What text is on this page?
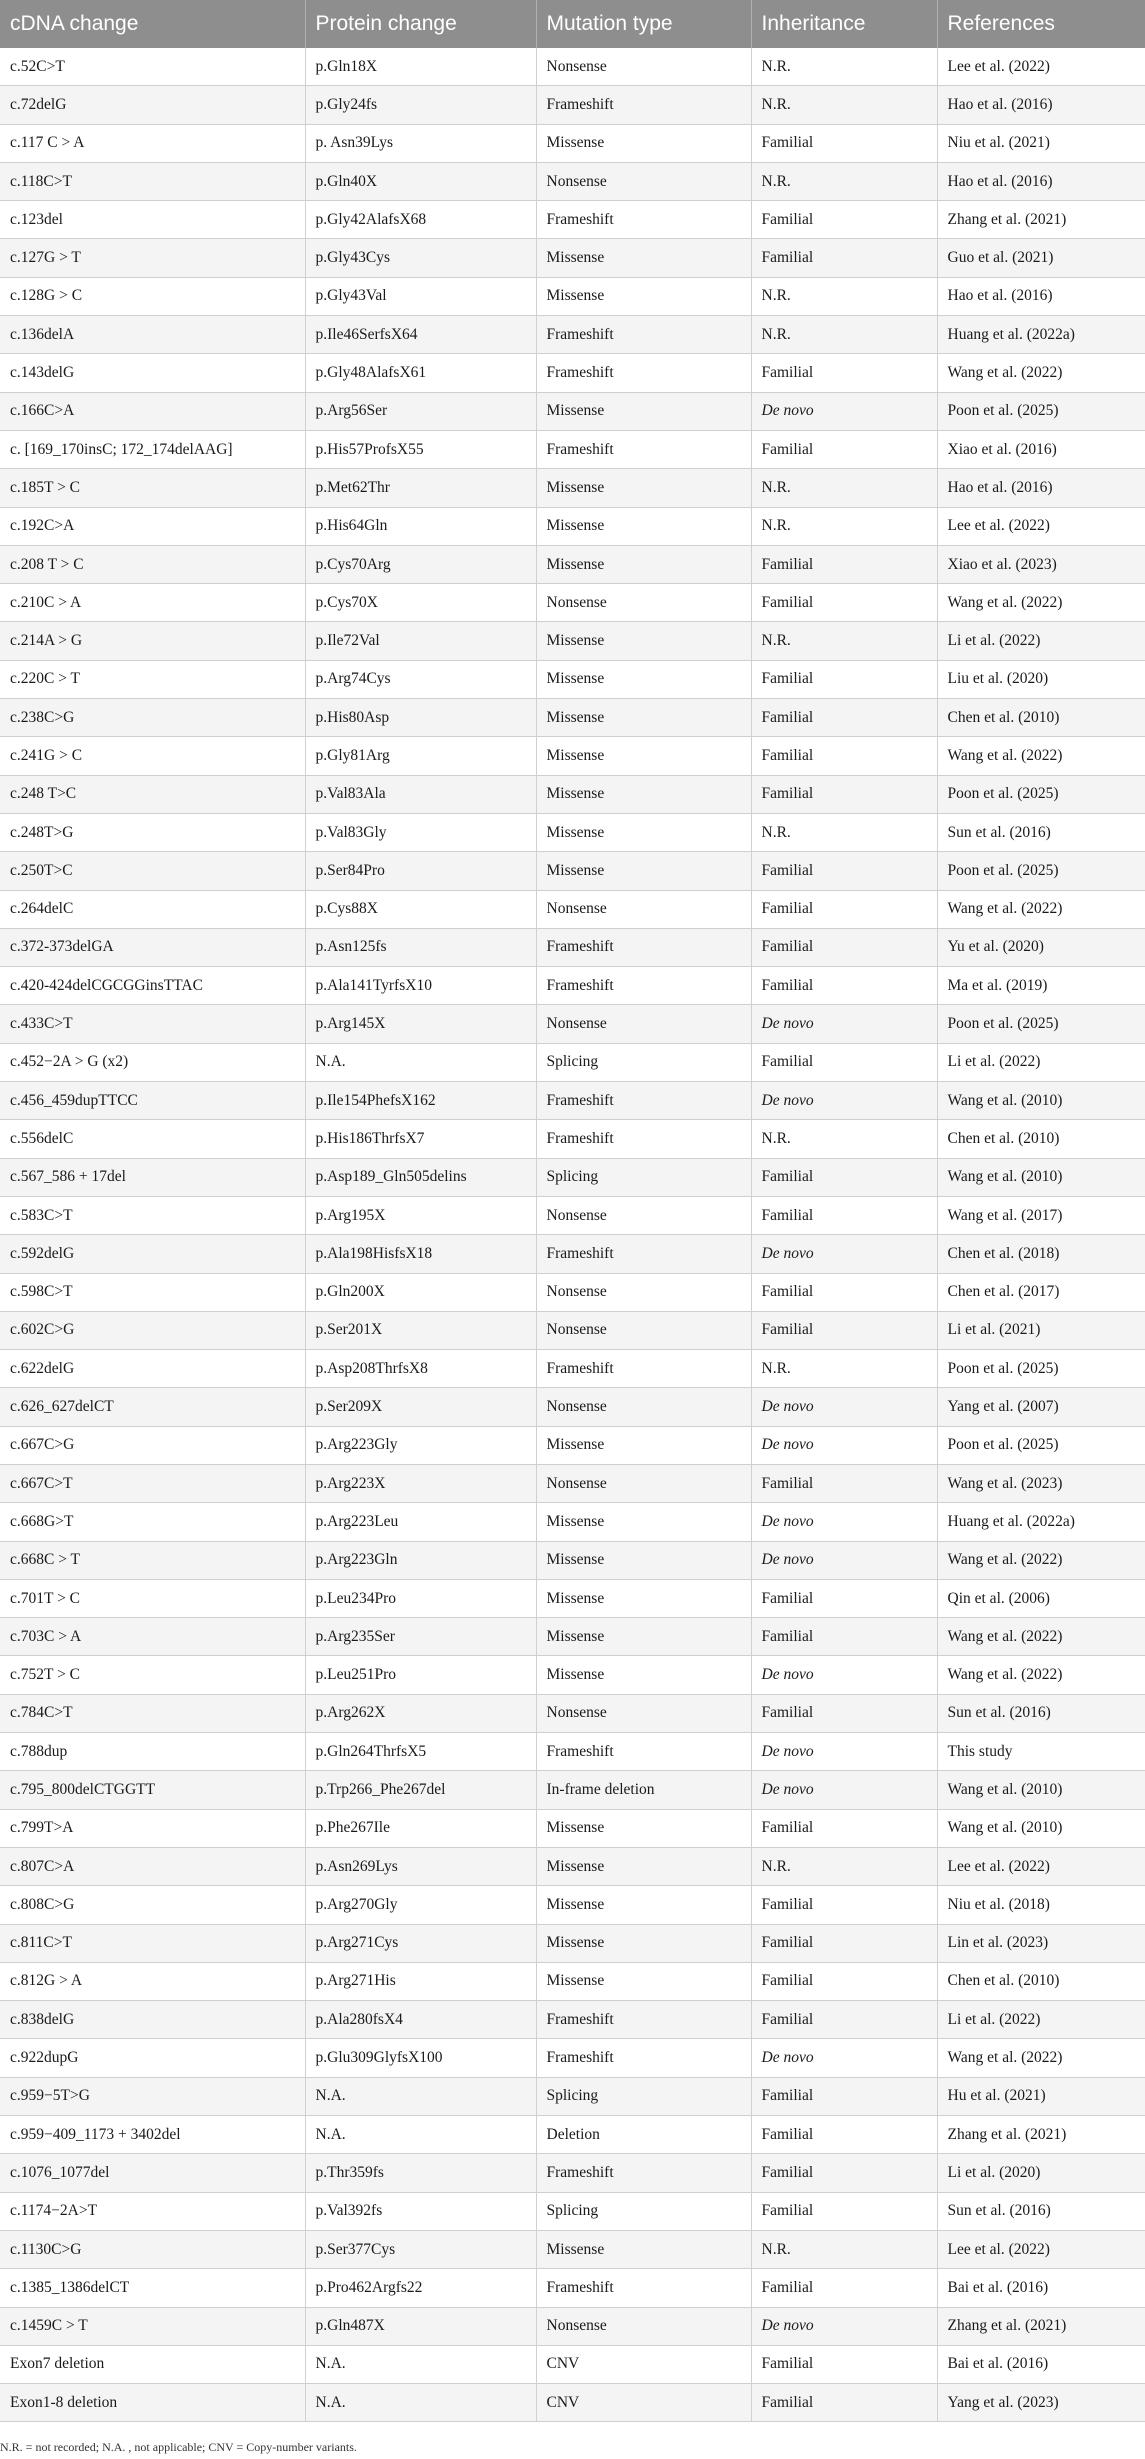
cDNA change	Protein change	Mutation type	Inheritance	References
c.52C>T	p.Gln18X	Nonsense	N.R.	Lee et al. (2022)
c.72delG	p.Gly24fs	Frameshift	N.R.	Hao et al. (2016)
c.117 C > A	p. Asn39Lys	Missense	Familial	Niu et al. (2021)
c.118C>T	p.Gln40X	Nonsense	N.R.	Hao et al. (2016)
c.123del	p.Gly42AlafsX68	Frameshift	Familial	Zhang et al. (2021)
c.127G > T	p.Gly43Cys	Missense	Familial	Guo et al. (2021)
c.128G > C	p.Gly43Val	Missense	N.R.	Hao et al. (2016)
c.136delA	p.Ile46SerfsX64	Frameshift	N.R.	Huang et al. (2022a)
c.143delG	p.Gly48AlafsX61	Frameshift	Familial	Wang et al. (2022)
c.166C>A	p.Arg56Ser	Missense	De novo	Poon et al. (2025)
c. [169_170insC; 172_174delAAG]	p.His57ProfsX55	Frameshift	Familial	Xiao et al. (2016)
c.185T > C	p.Met62Thr	Missense	N.R.	Hao et al. (2016)
c.192C>A	p.His64Gln	Missense	N.R.	Lee et al. (2022)
c.208 T > C	p.Cys70Arg	Missense	Familial	Xiao et al. (2023)
c.210C > A	p.Cys70X	Nonsense	Familial	Wang et al. (2022)
c.214A > G	p.Ile72Val	Missense	N.R.	Li et al. (2022)
c.220C > T	p.Arg74Cys	Missense	Familial	Liu et al. (2020)
c.238C>G	p.His80Asp	Missense	Familial	Chen et al. (2010)
c.241G > C	p.Gly81Arg	Missense	Familial	Wang et al. (2022)
c.248 T>C	p.Val83Ala	Missense	Familial	Poon et al. (2025)
c.248T>G	p.Val83Gly	Missense	N.R.	Sun et al. (2016)
c.250T>C	p.Ser84Pro	Missense	Familial	Poon et al. (2025)
c.264delC	p.Cys88X	Nonsense	Familial	Wang et al. (2022)
c.372-373delGA	p.Asn125fs	Frameshift	Familial	Yu et al. (2020)
c.420-424delCGCGGinsTTAC	p.Ala141TyrfsX10	Frameshift	Familial	Ma et al. (2019)
c.433C>T	p.Arg145X	Nonsense	De novo	Poon et al. (2025)
c.452−2A > G (x2)	N.A.	Splicing	Familial	Li et al. (2022)
c.456_459dupTTCC	p.Ile154PhefsX162	Frameshift	De novo	Wang et al. (2010)
c.556delC	p.His186ThrfsX7	Frameshift	N.R.	Chen et al. (2010)
c.567_586 + 17del	p.Asp189_Gln505delins	Splicing	Familial	Wang et al. (2010)
c.583C>T	p.Arg195X	Nonsense	Familial	Wang et al. (2017)
c.592delG	p.Ala198HisfsX18	Frameshift	De novo	Chen et al. (2018)
c.598C>T	p.Gln200X	Nonsense	Familial	Chen et al. (2017)
c.602C>G	p.Ser201X	Nonsense	Familial	Li et al. (2021)
c.622delG	p.Asp208ThrfsX8	Frameshift	N.R.	Poon et al. (2025)
c.626_627delCT	p.Ser209X	Nonsense	De novo	Yang et al. (2007)
c.667C>G	p.Arg223Gly	Missense	De novo	Poon et al. (2025)
c.667C>T	p.Arg223X	Nonsense	Familial	Wang et al. (2023)
c.668G>T	p.Arg223Leu	Missense	De novo	Huang et al. (2022a)
c.668C > T	p.Arg223Gln	Missense	De novo	Wang et al. (2022)
c.701T > C	p.Leu234Pro	Missense	Familial	Qin et al. (2006)
c.703C > A	p.Arg235Ser	Missense	Familial	Wang et al. (2022)
c.752T > C	p.Leu251Pro	Missense	De novo	Wang et al. (2022)
c.784C>T	p.Arg262X	Nonsense	Familial	Sun et al. (2016)
c.788dup	p.Gln264ThrfsX5	Frameshift	De novo	This study
c.795_800delCTGGTT	p.Trp266_Phe267del	In-frame deletion	De novo	Wang et al. (2010)
c.799T>A	p.Phe267Ile	Missense	Familial	Wang et al. (2010)
c.807C>A	p.Asn269Lys	Missense	N.R.	Lee et al. (2022)
c.808C>G	p.Arg270Gly	Missense	Familial	Niu et al. (2018)
c.811C>T	p.Arg271Cys	Missense	Familial	Lin et al. (2023)
c.812G > A	p.Arg271His	Missense	Familial	Chen et al. (2010)
c.838delG	p.Ala280fsX4	Frameshift	Familial	Li et al. (2022)
c.922dupG	p.Glu309GlyfsX100	Frameshift	De novo	Wang et al. (2022)
c.959−5T>G	N.A.	Splicing	Familial	Hu et al. (2021)
c.959−409_1173 + 3402del	N.A.	Deletion	Familial	Zhang et al. (2021)
c.1076_1077del	p.Thr359fs	Frameshift	Familial	Li et al. (2020)
c.1174−2A>T	p.Val392fs	Splicing	Familial	Sun et al. (2016)
c.1130C>G	p.Ser377Cys	Missense	N.R.	Lee et al. (2022)
c.1385_1386delCT	p.Pro462Argfs22	Frameshift	Familial	Bai et al. (2016)
c.1459C > T	p.Gln487X	Nonsense	De novo	Zhang et al. (2021)
Exon7 deletion	N.A.	CNV	Familial	Bai et al. (2016)
Exon1-8 deletion	N.A.	CNV	Familial	Yang et al. (2023)
N.R. = not recorded; N.A. , not applicable; CNV = Copy-number variants.
